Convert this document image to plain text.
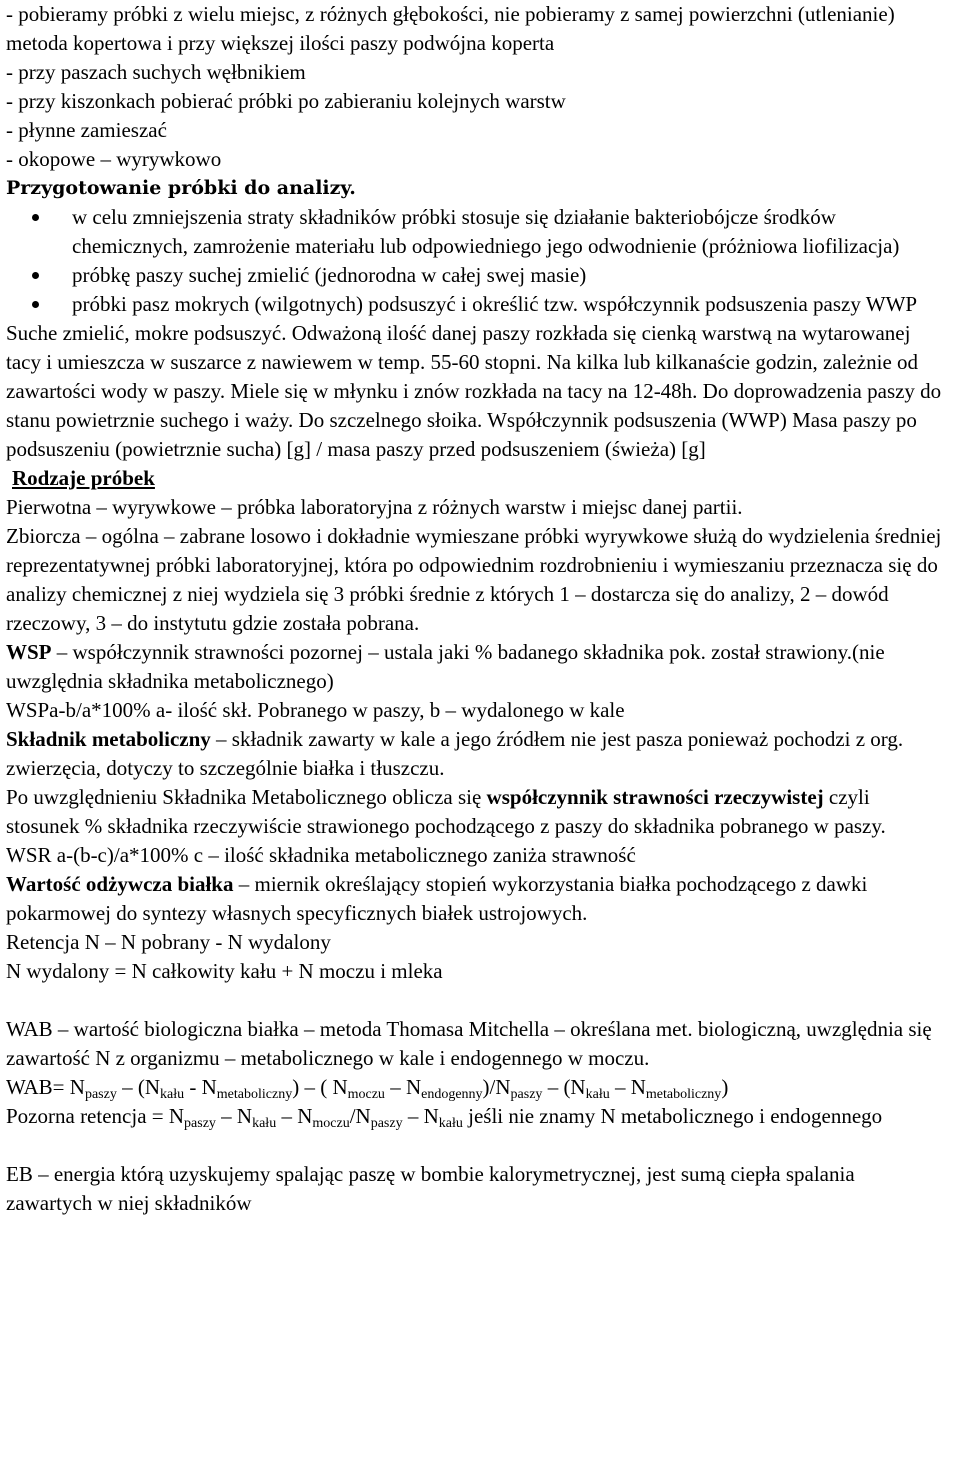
- pobieramy próbki z wielu miejsc, z różnych głębokości, nie pobieramy z samej powierzchni (utlenianie)

metoda kopertowa i przy większej ilości paszy podwójna koperta

- przy paszach suchych węłbnikiem

- przy kiszonkach pobierać próbki po zabieraniu kolejnych warstw

- płynne zamieszać

- okopowe – wyrywkowo

Przygotowanie próbki do analizy.

w celu zmniejszenia straty składników próbki stosuje się działanie bakteriobójcze środków chemicznych, zamrożenie materiału lub odpowiedniego jego odwodnienie (próżniowa liofilizacja)
próbkę paszy suchej zmielić (jednorodna w całej swej masie)
próbki pasz mokrych (wilgotnych) podsuszyć i określić tzw. współczynnik podsuszenia paszy WWP

Suche zmielić, mokre podsuszyć. Odważoną ilość danej paszy rozkłada się cienką warstwą na wytarowanej tacy i umieszcza w suszarce z nawiewem w temp. 55-60 stopni. Na kilka lub kilkanaście godzin, zależnie od zawartości wody w paszy. Miele się w młynku i znów rozkłada na tacy na 12-48h. Do doprowadzenia paszy do stanu powietrznie suchego i waży. Do szczelnego słoika. Współczynnik podsuszenia (WWP) Masa paszy po podsuszeniu (powietrznie sucha) [g] / masa paszy przed podsuszeniem (świeża) [g]

Rodzaje próbek

Pierwotna – wyrywkowe – próbka laboratoryjna z różnych warstw i miejsc danej partii.

Zbiorcza – ogólna – zabrane losowo i dokładnie wymieszane próbki wyrywkowe służą do wydzielenia średniej reprezentatywnej próbki laboratoryjnej, która po odpowiednim rozdrobnieniu i wymieszaniu przeznacza się do analizy chemicznej z niej wydziela się 3 próbki średnie z których 1 – dostarcza się do analizy, 2 – dowód rzeczowy, 3 – do instytutu gdzie została pobrana.

WSP – współczynnik strawności pozornej – ustala jaki % badanego składnika pok. został strawiony.(nie uwzględnia składnika metabolicznego)

WSPa-b/a*100% a- ilość skł. Pobranego w paszy, b – wydalonego w kale

Składnik metaboliczny – składnik zawarty w kale a jego źródłem nie jest pasza ponieważ pochodzi z org. zwierzęcia, dotyczy to szczególnie białka i tłuszczu.

Po uwzględnieniu Składnika Metabolicznego oblicza się współczynnik strawności rzeczywistej czyli stosunek % składnika rzeczywiście strawionego pochodzącego z paszy do składnika pobranego w paszy.

WSR a-(b-c)/a*100% c – ilość składnika metabolicznego zaniża strawność

Wartość odżywcza białka – miernik określający stopień wykorzystania białka pochodzącego z dawki pokarmowej do syntezy własnych specyficznych białek ustrojowych.

Retencja N – N pobrany - N wydalony

N wydalony = N całkowity kału + N moczu i mleka

WAB – wartość biologiczna białka – metoda Thomasa Mitchella – określana met. biologiczną, uwzględnia się zawartość N z organizmu – metabolicznego w kale i endogennego w moczu.

$WAB= N_{paszy} - (N_{kału} - N_{metaboliczny})$ – ( $N_{moczu} - N_{endogenny})/N_{paszy} - (N_{kału} - N_{metaboliczny})$

Pozorna retencja = $N_{paszy} - N_{kału} - N_{moczu}/N_{paszy} - N_{kału}$ jeśli nie znamy N metabolicznego i endogennego

EB – energia którą uzyskujemy spalając paszę w bombie kalorymetrycznej, jest sumą ciepła spalania zawartych w niej składników
